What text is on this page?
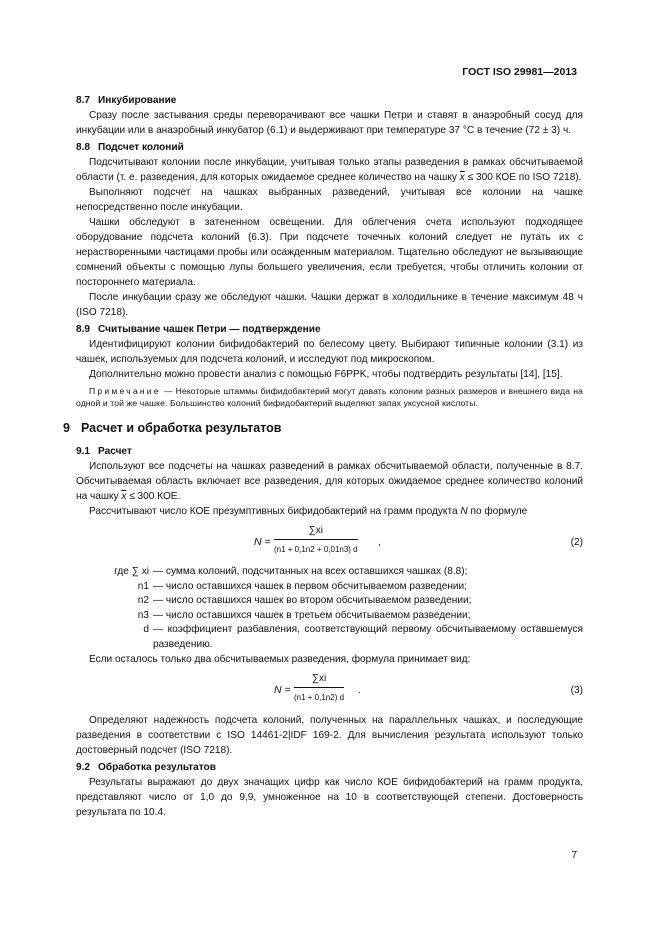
ГОСТ ISO 29981—2013
8.7 Инкубирование

Сразу после застывания среды переворачивают все чашки Петри и ставят в анаэробный сосуд для инкубации или в анаэробный инкубатор (6.1) и выдерживают при температуре 37 °С в течение (72 ± 3) ч.

8.8 Подсчет колоний

Подсчитывают колонии после инкубации, учитывая только этапы разведения в рамках обсчитываемой области (т. е. разведения, для которых ожидаемое среднее количество на чашку $\overline{x} \le 300$ КОЕ по ISO 7218).

Выполняют подсчет на чашках выбранных разведений, учитывая все колонии на чашке непосредственно после инкубации.

Чашки обследуют в затененном освещении. Для облегчения счета используют подходящее оборудование подсчета колоний (6.3). При подсчете точечных колоний следует не путать их с нерастворенными частицами пробы или осажденным материалом. Тщательно обследуют не вызывающие сомнений объекты с помощью лупы большего увеличения, если требуется, чтобы отличить колонии от постороннего материала.

После инкубации сразу же обследуют чашки. Чашки держат в холодильнике в течение максимум 48 ч (ISO 7218).

8.9 Считывание чашек Петри — подтверждение

Идентифицируют колонии бифидобактерий по белесому цвету. Выбирают типичные колонии (3.1) из чашек, используемых для подсчета колоний, и исследуют под микроскопом.

Дополнительно можно провести анализ с помощью F6PPK, чтобы подтвердить результаты [14], [15].

Примечание — Некоторые штаммы бифидобактерий могут давать колонии разных размеров и внешнего вида на одной и той же чашке. Большинство колоний бифидобактерий выделяют запах уксусной кислоты.

9 Расчет и обработка результатов
9.1 Расчет

Используют все подсчеты на чашках разведений в рамках обсчитываемой области, полученные в 8.7. Обсчитываемая область включает все разведения, для которых ожидаемое среднее количество колоний на чашку $\overline{x} \le 300$ КОЕ.

Рассчитывают число КОЕ презумптивных бифидобактерий на грамм продукта N по формуле

N =
∑xi
(n1 + 0,1n2 + 0,01n3) d
,	(2)
где ∑ xi — сумма колоний, подсчитанных на всех оставшихся чашках (8.8);
n1 — число оставшихся чашек в первом обсчитываемом разведении;
n2 — число оставшихся чашек во втором обсчитываемом разведении;
n3 — число оставшихся чашек в третьем обсчитываемом разведении;
d — коэффициент разбавления, соответствующий первому обсчитываемому оставшемуся разведению.

Если осталось только два обсчитываемых разведения, формула принимает вид:

N =
∑xi
(n1 + 0,1n2) d
.	(3)

Определяют надежность подсчета колоний, полученных на параллельных чашках, и последующие разведения в соответствии с ISO 14461-2|IDF 169-2. Для вычисления результата используют только достоверный подсчет (ISO 7218).

9.2 Обработка результатов

Результаты выражают до двух значащих цифр как число КОЕ бифидобактерий на грамм продукта, представляют число от 1,0 до 9,9, умноженное на 10 в соответствующей степени. Достоверность результата по 10.4.

7
